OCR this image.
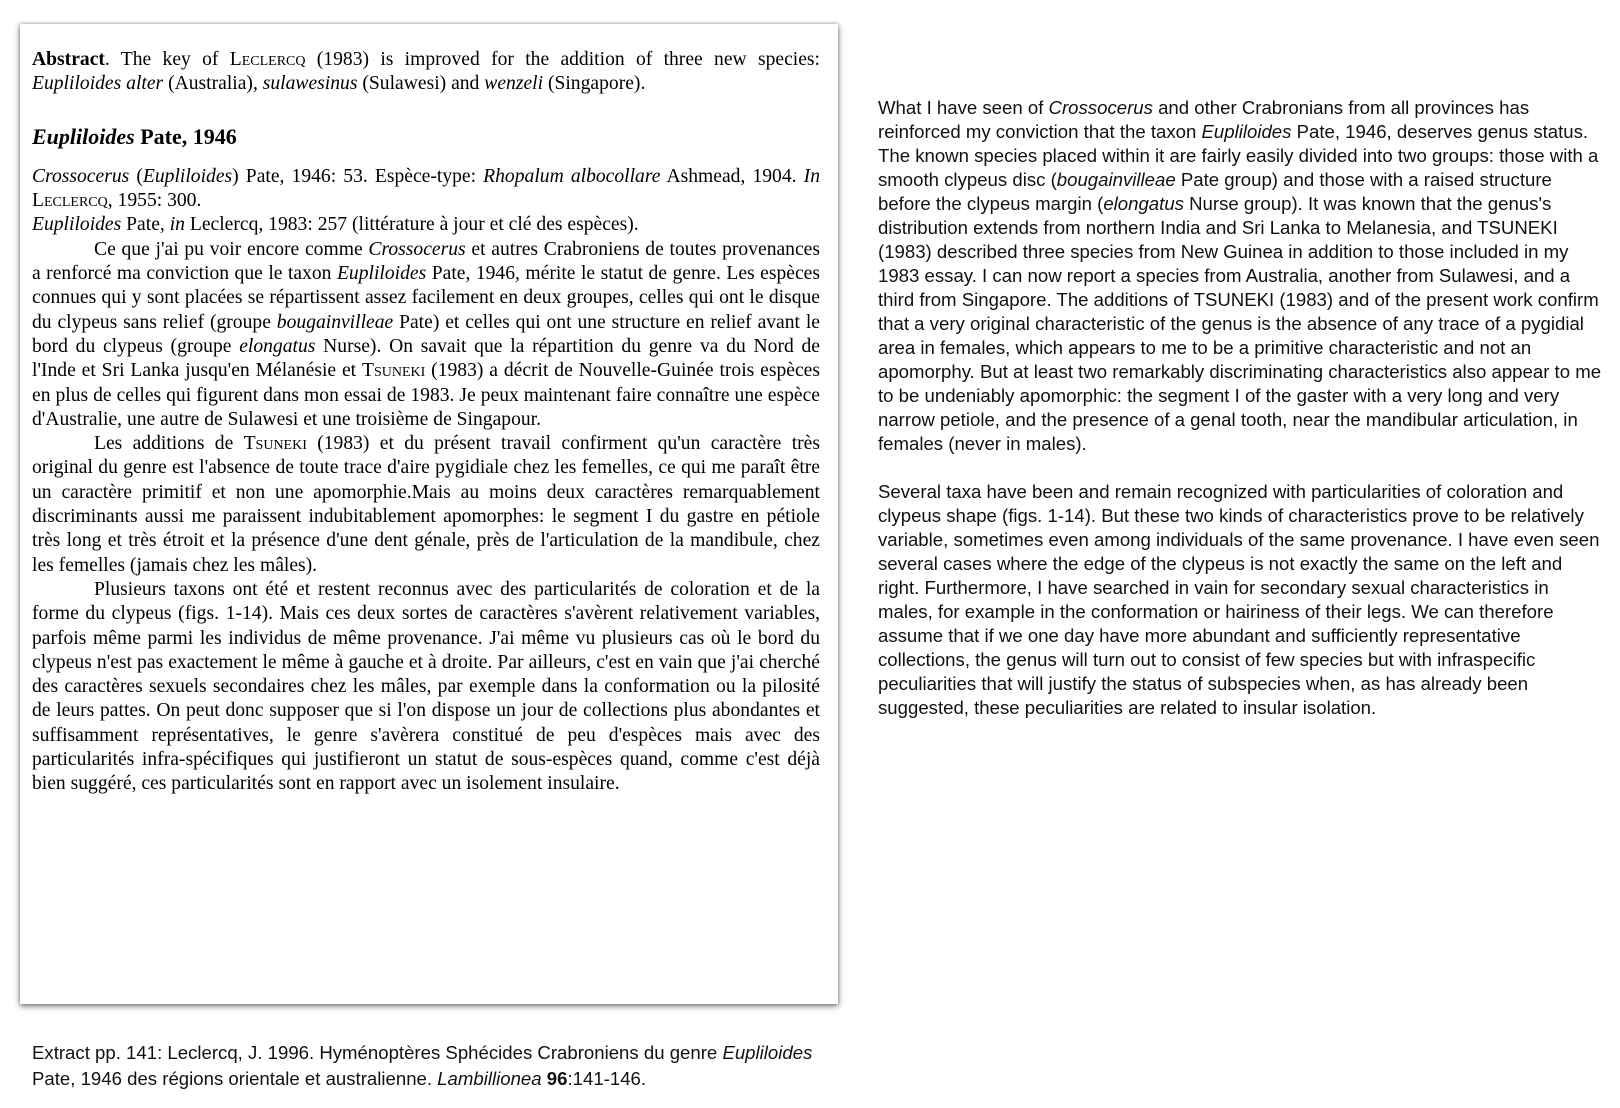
Abstract. The key of Leclercq (1983) is improved for the addition of three new species: Eupliloides alter (Australia), sulawesinus (Sulawesi) and wenzeli (Singapore).

Eupliloides Pate, 1946

Crossocerus (Eupliloides) Pate, 1946: 53. Espèce-type: Rhopalum albocollare Ashmead, 1904. In Leclercq, 1955: 300.

Eupliloides Pate, in Leclercq, 1983: 257 (littérature à jour et clé des espèces).

Ce que j'ai pu voir encore comme Crossocerus et autres Crabroniens de toutes provenances a renforcé ma conviction que le taxon Eupliloides Pate, 1946, mérite le statut de genre. Les espèces connues qui y sont placées se répartissent assez facilement en deux groupes, celles qui ont le disque du clypeus sans relief (groupe bougainvilleae Pate) et celles qui ont une structure en relief avant le bord du clypeus (groupe elongatus Nurse). On savait que la répartition du genre va du Nord de l'Inde et Sri Lanka jusqu'en Mélanésie et Tsuneki (1983) a décrit de Nouvelle-Guinée trois espèces en plus de celles qui figurent dans mon essai de 1983. Je peux maintenant faire connaître une espèce d'Australie, une autre de Sulawesi et une troisième de Singapour.

Les additions de Tsuneki (1983) et du présent travail confirment qu'un caractère très original du genre est l'absence de toute trace d'aire pygidiale chez les femelles, ce qui me paraît être un caractère primitif et non une apomorphie.Mais au moins deux caractères remarquablement discriminants aussi me paraissent indubitablement apomorphes: le segment I du gastre en pétiole très long et très étroit et la présence d'une dent génale, près de l'articulation de la mandibule, chez les femelles (jamais chez les mâles).

Plusieurs taxons ont été et restent reconnus avec des particularités de coloration et de la forme du clypeus (figs. 1-14). Mais ces deux sortes de caractères s'avèrent relativement variables, parfois même parmi les individus de même provenance. J'ai même vu plusieurs cas où le bord du clypeus n'est pas exactement le même à gauche et à droite. Par ailleurs, c'est en vain que j'ai cherché des caractères sexuels secondaires chez les mâles, par exemple dans la conformation ou la pilosité de leurs pattes. On peut donc supposer que si l'on dispose un jour de collections plus abondantes et suffisamment représentatives, le genre s'avèrera constitué de peu d'espèces mais avec des particularités infra-spécifiques qui justifieront un statut de sous-espèces quand, comme c'est déjà bien suggéré, ces particularités sont en rapport avec un isolement insulaire.

What I have seen of Crossocerus and other Crabronians from all provinces has reinforced my conviction that the taxon Eupliloides Pate, 1946, deserves genus status. The known species placed within it are fairly easily divided into two groups: those with a smooth clypeus disc (bougainvilleae Pate group) and those with a raised structure before the clypeus margin (elongatus Nurse group). It was known that the genus's distribution extends from northern India and Sri Lanka to Melanesia, and TSUNEKI (1983) described three species from New Guinea in addition to those included in my 1983 essay. I can now report a species from Australia, another from Sulawesi, and a third from Singapore. The additions of TSUNEKI (1983) and of the present work confirm that a very original characteristic of the genus is the absence of any trace of a pygidial area in females, which appears to me to be a primitive characteristic and not an apomorphy. But at least two remarkably discriminating characteristics also appear to me to be undeniably apomorphic: the segment I of the gaster with a very long and very narrow petiole, and the presence of a genal tooth, near the mandibular articulation, in females (never in males).

Several taxa have been and remain recognized with particularities of coloration and clypeus shape (figs. 1-14). But these two kinds of characteristics prove to be relatively variable, sometimes even among individuals of the same provenance. I have even seen several cases where the edge of the clypeus is not exactly the same on the left and right. Furthermore, I have searched in vain for secondary sexual characteristics in males, for example in the conformation or hairiness of their legs. We can therefore assume that if we one day have more abundant and sufficiently representative collections, the genus will turn out to consist of few species but with infraspecific peculiarities that will justify the status of subspecies when, as has already been suggested, these peculiarities are related to insular isolation.

Extract pp. 141: Leclercq, J. 1996. Hyménoptères Sphécides Crabroniens du genre Eupliloides Pate, 1946 des régions orientale et australienne. Lambillionea 96:141-146.
